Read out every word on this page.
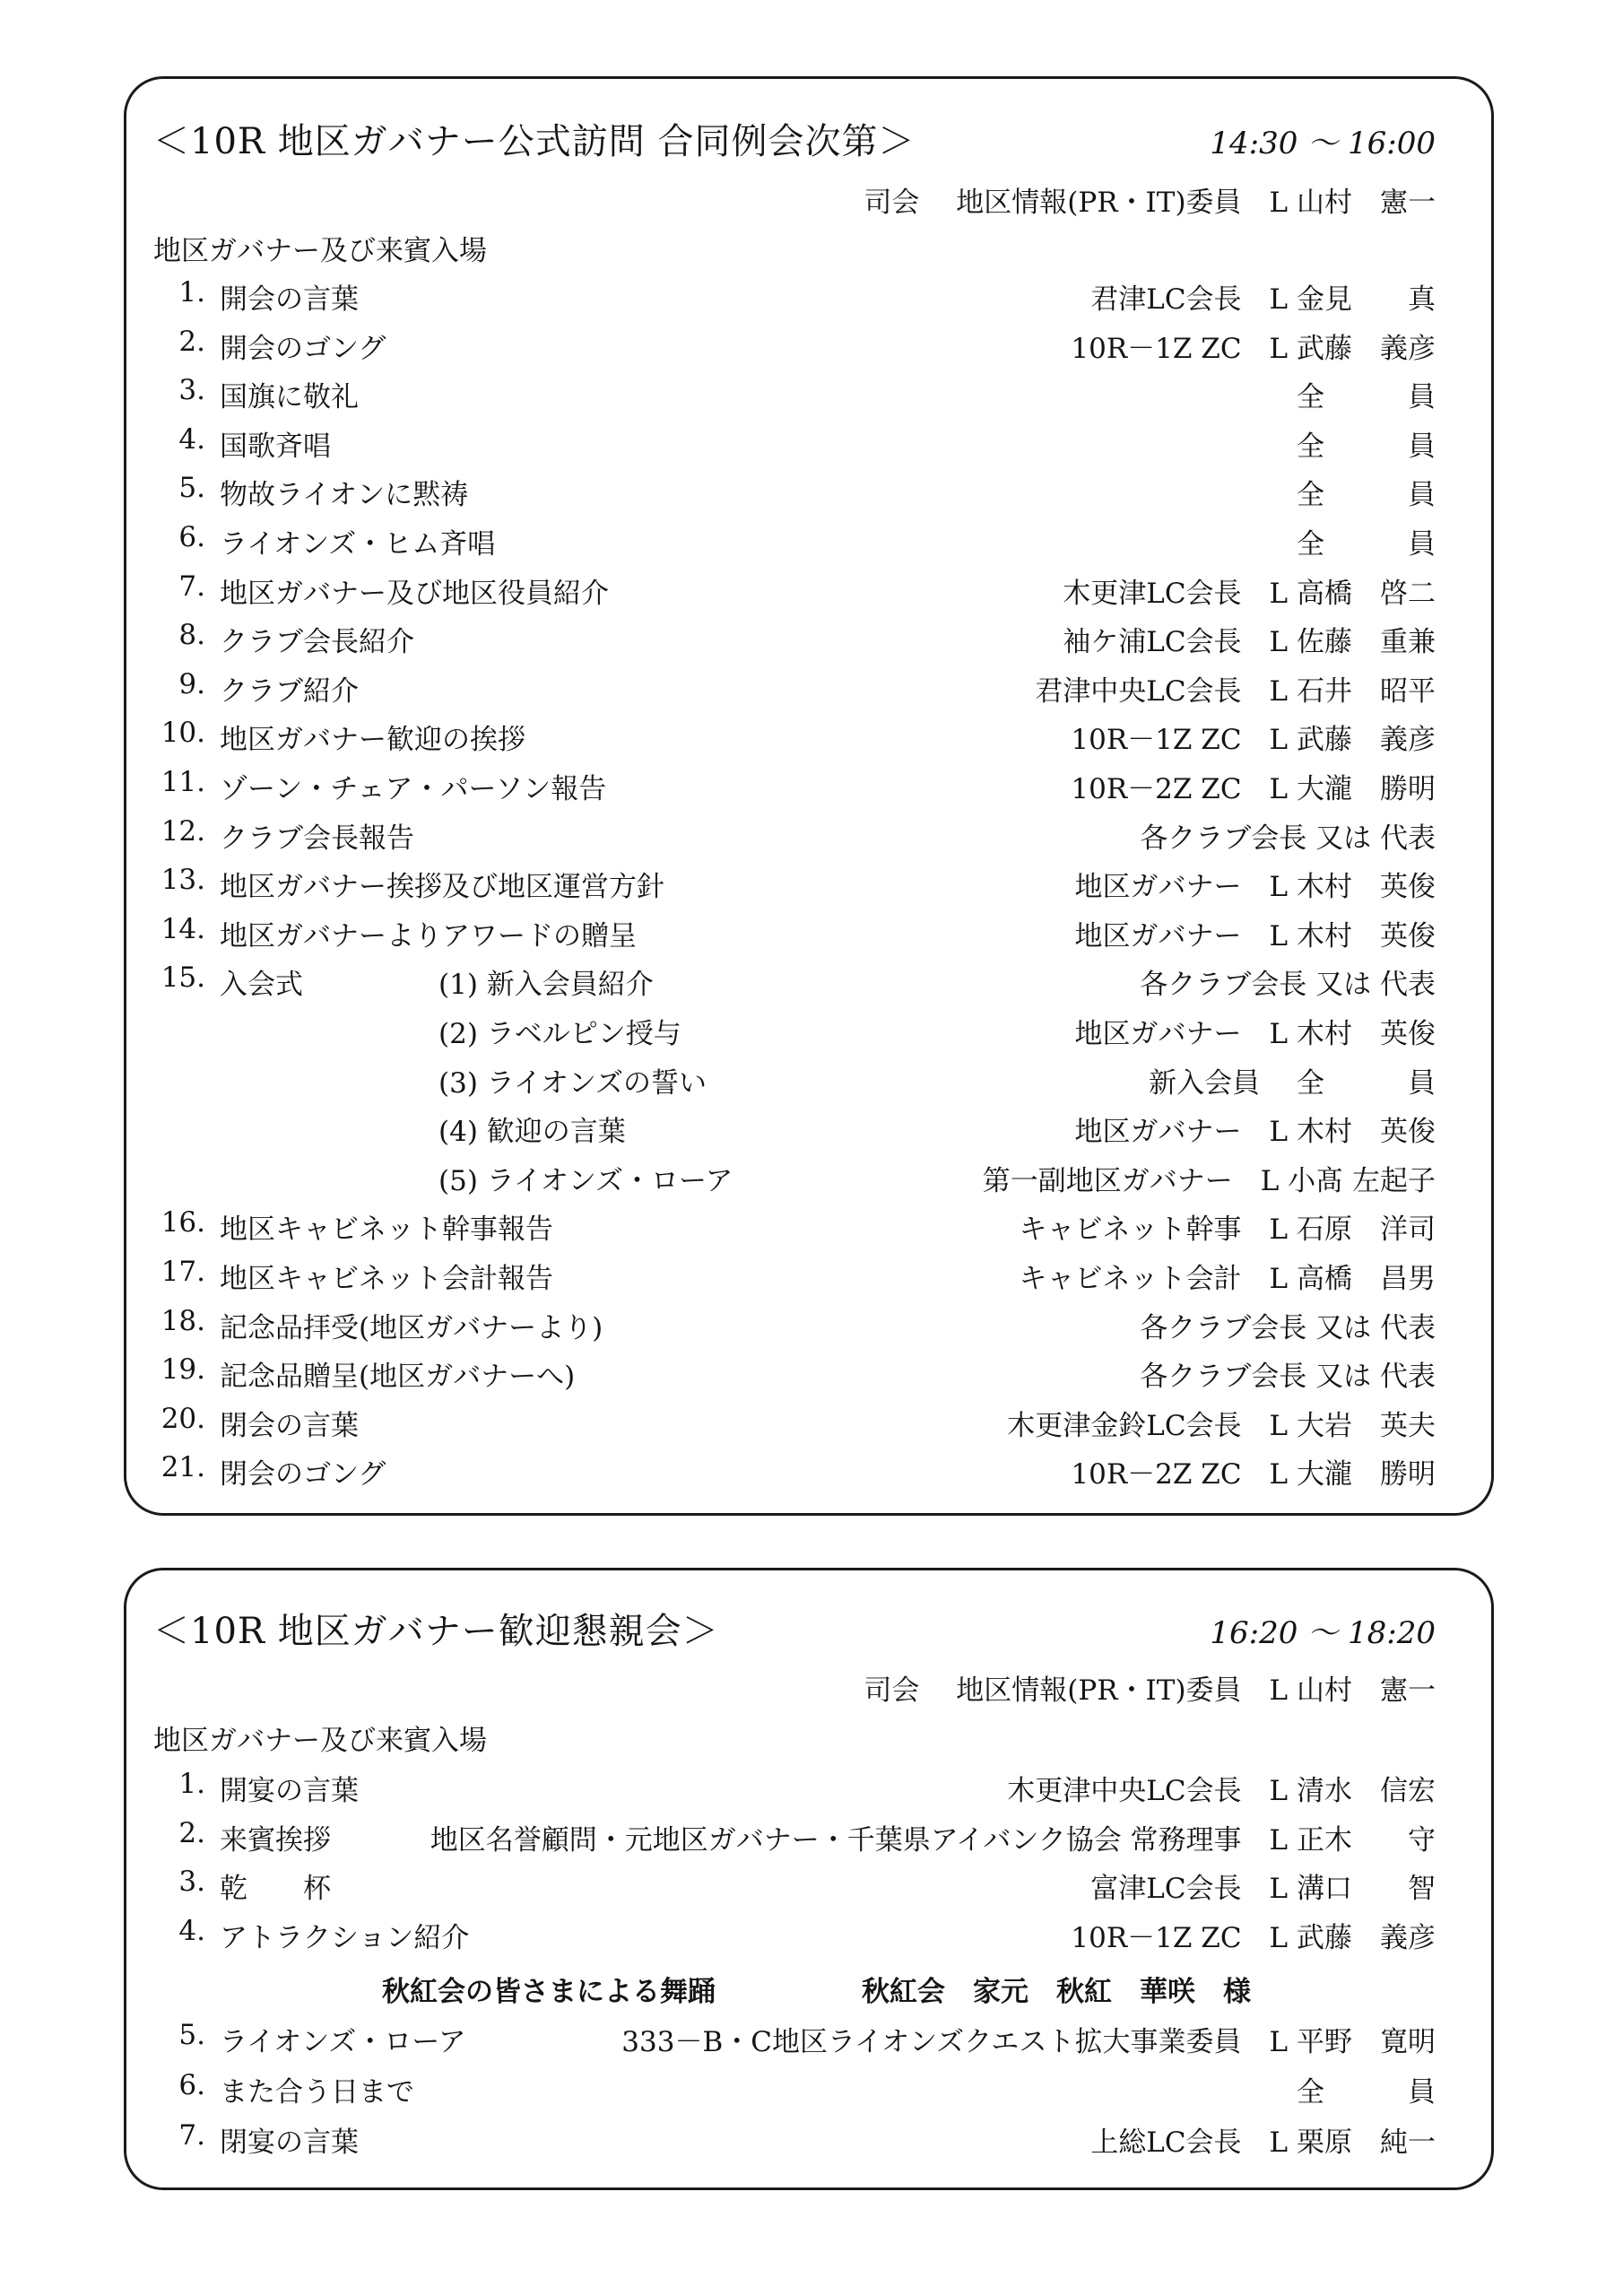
＜10R 地区ガバナー公式訪問 合同例会次第＞	14:30 〜 16:00
司会　 地区情報(PR・IT)委員　L 山村　憲一
地区ガバナー及び来賓入場
1. 開会の言葉	君津LC会長　L 金見　　真
2. 開会のゴング	10R－1Z ZC　L 武藤　義彦
3. 国旗に敬礼	全　　　員
4. 国歌斉唱	全　　　員
5. 物故ライオンに黙祷	全　　　員
6. ライオンズ・ヒム斉唱	全　　　員
7. 地区ガバナー及び地区役員紹介	木更津LC会長　L 高橋　啓二
8. クラブ会長紹介	袖ケ浦LC会長　L 佐藤　重兼
9. クラブ紹介	君津中央LC会長　L 石井　昭平
10. 地区ガバナー歓迎の挨拶	10R－1Z ZC　L 武藤　義彦
11. ゾーン・チェア・パーソン報告	10R－2Z ZC　L 大瀧　勝明
12. クラブ会長報告	各クラブ会長 又は 代表
13. 地区ガバナー挨拶及び地区運営方針	地区ガバナー　L 木村　英俊
14. 地区ガバナーよりアワードの贈呈	地区ガバナー　L 木村　英俊
15. 入会式	(1) 新入会員紹介	各クラブ会長 又は 代表
(2) ラベルピン授与	地区ガバナー　L 木村　英俊
(3) ライオンズの誓い	新入会員　 全　　　員
(4) 歓迎の言葉	地区ガバナー　L 木村　英俊
(5) ライオンズ・ローア	第一副地区ガバナー　L 小髙 左起子
16. 地区キャビネット幹事報告	キャビネット幹事　L 石原　洋司
17. 地区キャビネット会計報告	キャビネット会計　L 高橋　昌男
18. 記念品拝受(地区ガバナーより)	各クラブ会長 又は 代表
19. 記念品贈呈(地区ガバナーへ)	各クラブ会長 又は 代表
20. 閉会の言葉	木更津金鈴LC会長　L 大岩　英夫
21. 閉会のゴング	10R－2Z ZC　L 大瀧　勝明
＜10R 地区ガバナー歓迎懇親会＞	16:20 〜 18:20
司会　 地区情報(PR・IT)委員　L 山村　憲一
地区ガバナー及び来賓入場
1. 開宴の言葉	木更津中央LC会長　L 清水　信宏
2. 来賓挨拶	地区名誉顧問・元地区ガバナー・千葉県アイバンク協会 常務理事　L 正木　　守
3. 乾　　杯	富津LC会長　L 溝口　　智
4. アトラクション紹介	10R－1Z ZC　L 武藤　義彦
秋紅会の皆さまによる舞踊	秋紅会　家元　秋紅　華咲　様
5. ライオンズ・ローア	333－B・C地区ライオンズクエスト拡大事業委員　L 平野　寛明
6. また合う日まで	全　　　員
7. 閉宴の言葉	上総LC会長　L 栗原　純一
